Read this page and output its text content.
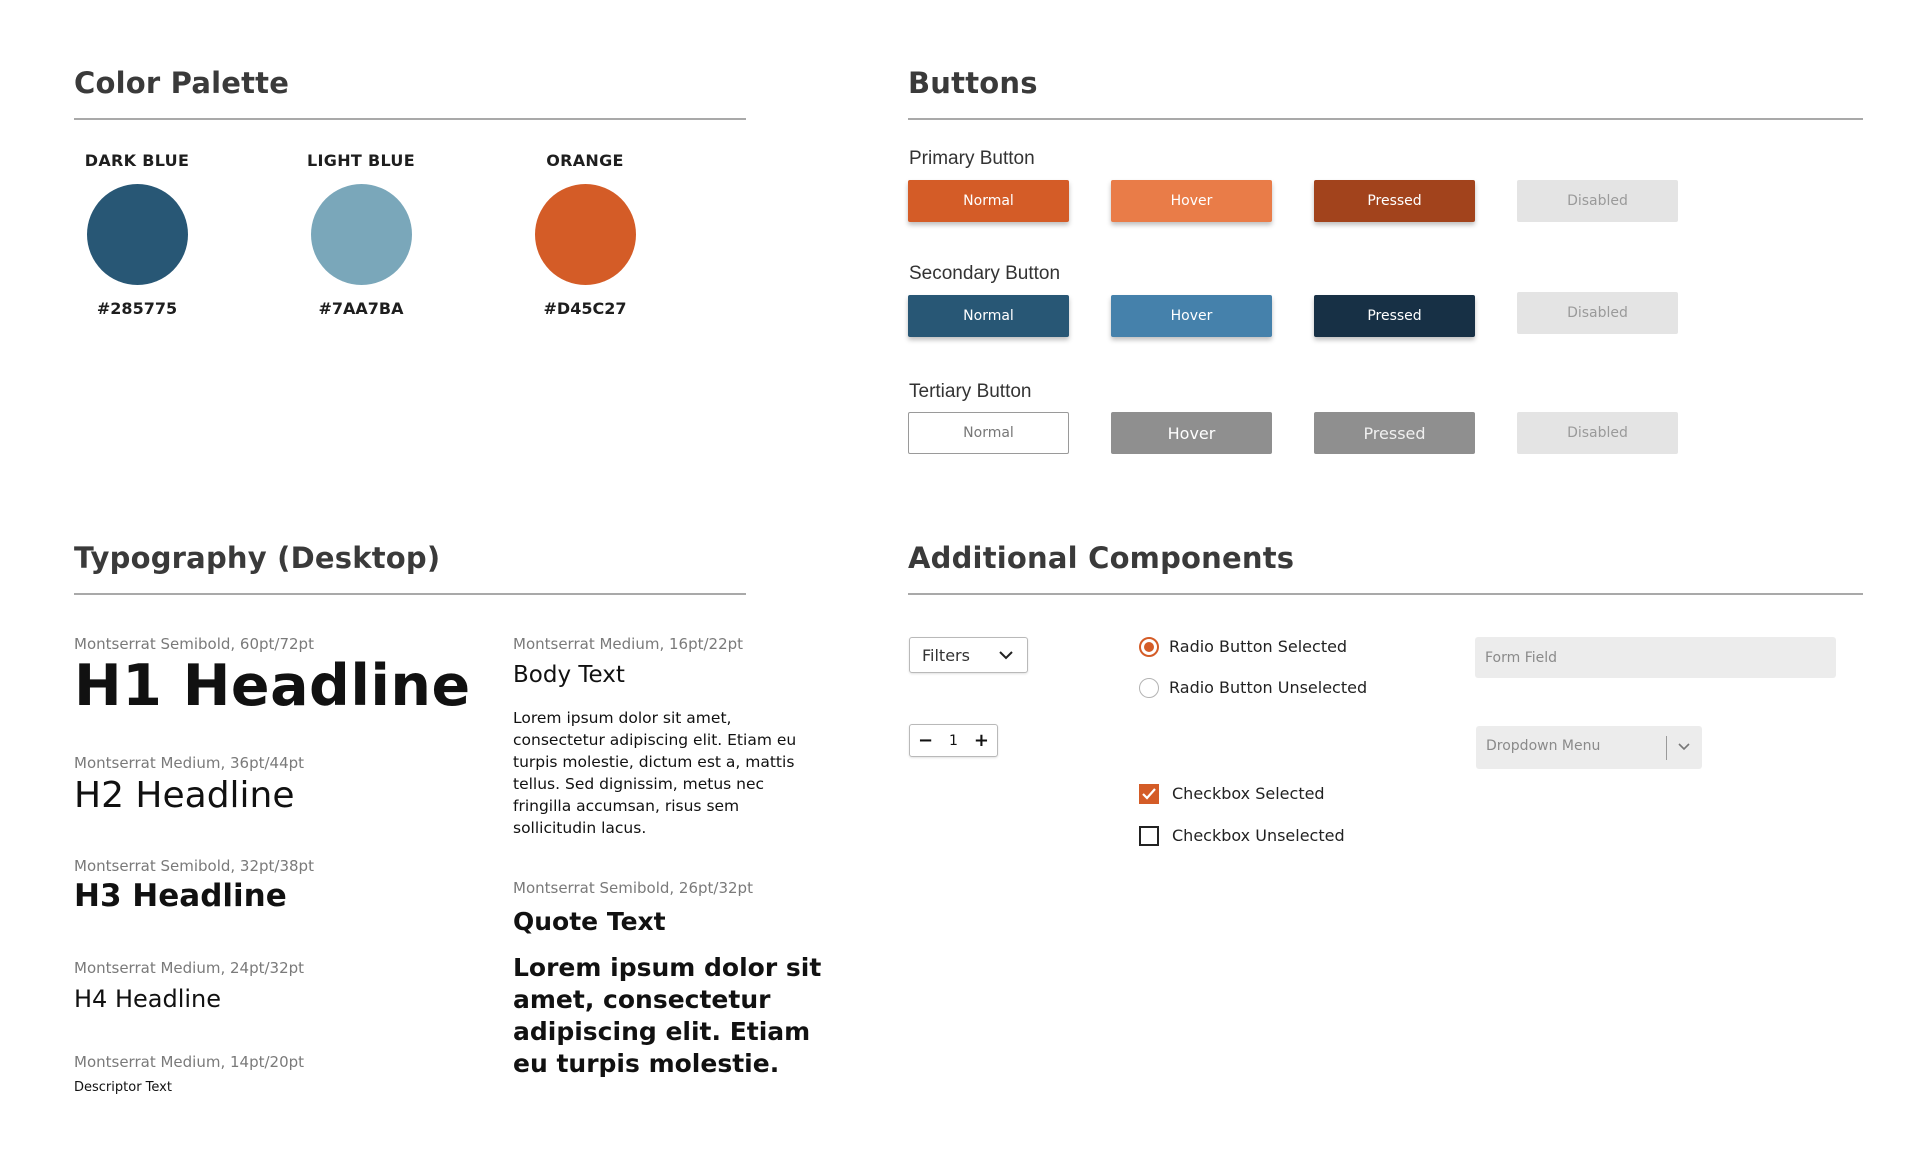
Color Palette
DARK BLUE
#285775
LIGHT BLUE
#7AA7BA
ORANGE
#D45C27
Buttons
Primary Button
Normal	Hover	Pressed	Disabled
Secondary Button
Normal	Hover	Pressed	Disabled
Tertiary Button
Normal	Hover	Pressed	Disabled
Typography (Desktop)
Montserrat Semibold, 60pt/72pt
H1 Headline
Montserrat Medium, 36pt/44pt
H2 Headline
Montserrat Semibold, 32pt/38pt
H3 Headline
Montserrat Medium, 24pt/32pt
H4 Headline
Montserrat Medium, 14pt/20pt
Descriptor Text
Montserrat Medium, 16pt/22pt
Body Text
Lorem ipsum dolor sit amet, consectetur adipiscing elit. Etiam eu turpis molestie, dictum est a, mattis tellus. Sed dignissim, metus nec fringilla accumsan, risus sem sollicitudin lacus.
Montserrat Semibold, 26pt/32pt
Quote Text
Lorem ipsum dolor sit amet, consectetur adipiscing elit. Etiam eu turpis molestie.
Additional Components
Filters
− 1 +
Radio Button Selected
Radio Button Unselected
Checkbox Selected
Checkbox Unselected
Form Field
Dropdown Menu
